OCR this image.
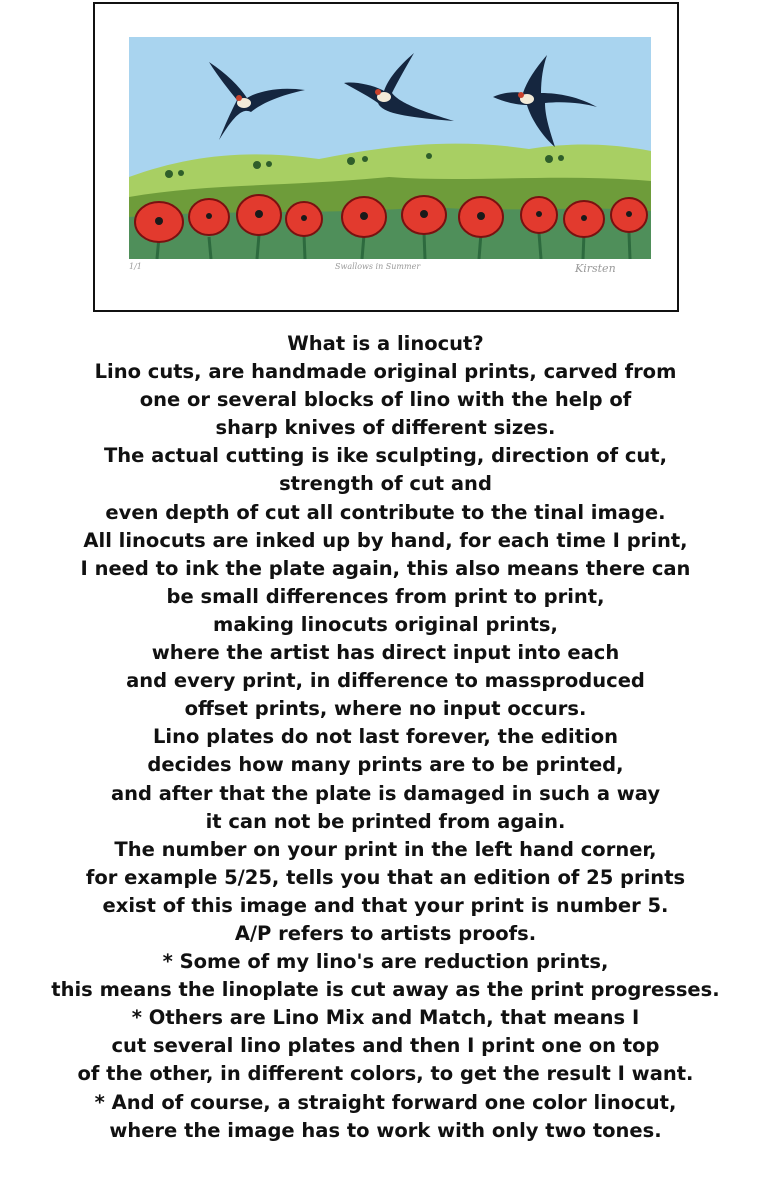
1/1	Swallows in Summer	Kirsten
What is a linocut?
Lino cuts, are handmade original prints, carved from
one or several blocks of lino with the help of
sharp knives of different sizes.
The actual cutting is ike sculpting, direction of cut,
strength of cut and
even depth of cut all contribute to the tinal image.
All linocuts are inked up by hand, for each time I print,
I need to ink the plate again, this also means there can
be small differences from print to print,
making linocuts original prints,
where the artist has direct input into each
and every print, in difference to massproduced
offset prints, where no input occurs.
Lino plates do not last forever, the edition
decides how many prints are to be printed,
and after that the plate is damaged in such a way
it can not be printed from again.
The number on your print in the left hand corner,
for example 5/25, tells you that an edition of 25 prints
exist of this image and that your print is number 5.
A/P refers to artists proofs.
* Some of my lino's are reduction prints,
this means the linoplate is cut away as the print progresses.
* Others are Lino Mix and Match, that means I
cut several lino plates and then I print one on top
of the other, in different colors, to get the result I want.
* And of course, a straight forward one color linocut,
where the image has to work with only two tones.
